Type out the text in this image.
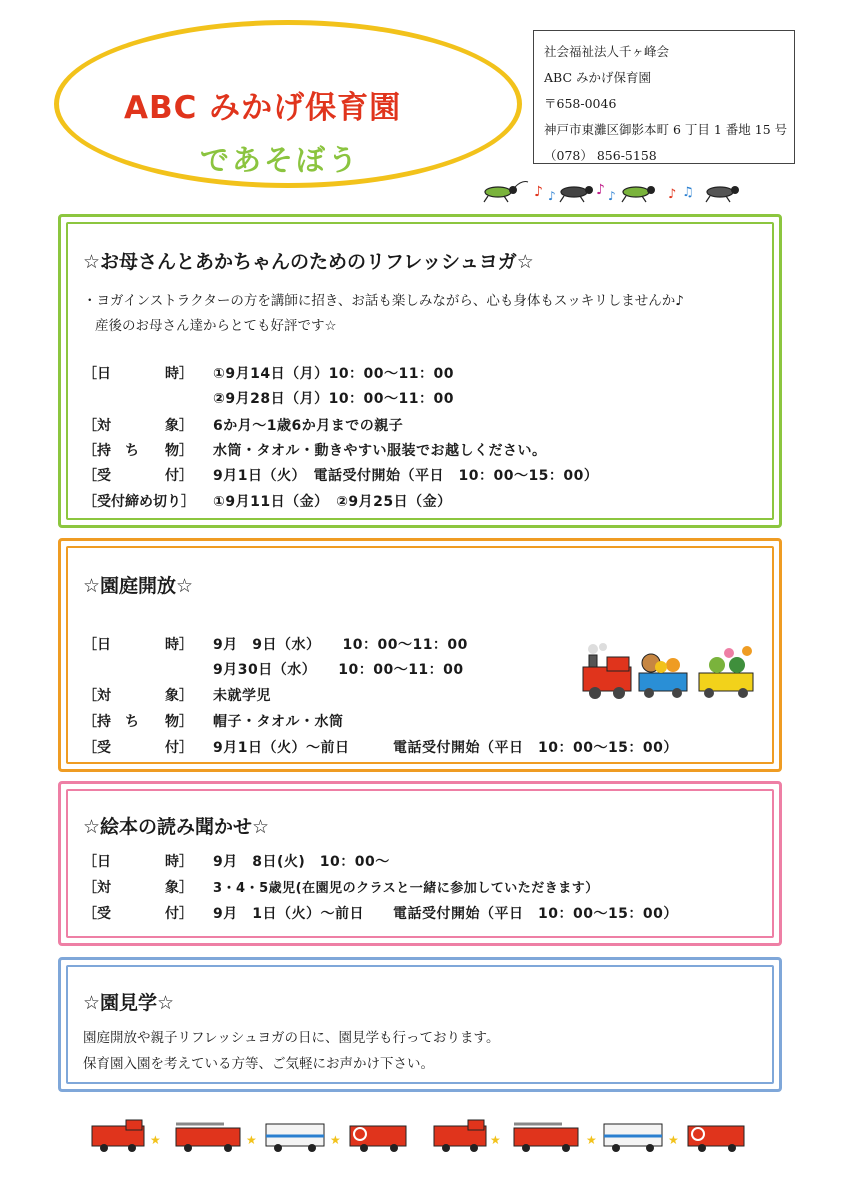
ABC みかげ保育園
であそぼう
社会福祉法人千ヶ峰会
ABC みかげ保育園
〒658-0046
神戸市東灘区御影本町 6 丁目 1 番地 15 号
（078） 856-5158
♪ ♪	♪ ♪	♪ ♫
☆お母さんとあかちゃんのためのリフレッシュヨガ☆
・ヨガインストラクターの方を講師に招き、お話も楽しみながら、心も身体もスッキリしませんか♪
産後のお母さん達からとても好評です☆
［日	時］ ①9月14日（月）10：00～11：00
②9月28日（月）10：00～11：00
［対	象］ 6か月～1歳6か月までの親子
［持　ち 物］ 水筒・タオル・動きやすい服装でお越しください。
［受	付］ 9月1日（火）　電話受付開始（平日　10：00～15：00）
［受付締め切り］ ①9月11日（金）　②9月25日（金）
☆園庭開放☆
［日	時］ 9月　9日（水）　　10：00～11：00
9月30日（水）　　10：00～11：00
［対	象］ 未就学児
［持　ち 物］ 帽子・タオル・水筒
［受	付］ 9月1日（火）～前日　　　電話受付開始（平日　10：00～15：00）
☆絵本の読み聞かせ☆
［日	時］ 9月　8日(火)　10：00～
［対	象］ 3・4・5歳児(在園児のクラスと一緒に参加していただきます）
［受	付］ 9月　1日（火）～前日　　電話受付開始（平日　10：00～15：00）
☆園見学☆
園庭開放や親子リフレッシュヨガの日に、園見学も行っております。
保育園入園を考えている方等、ご気軽にお声かけ下さい。
★	★	★	★	★	★
